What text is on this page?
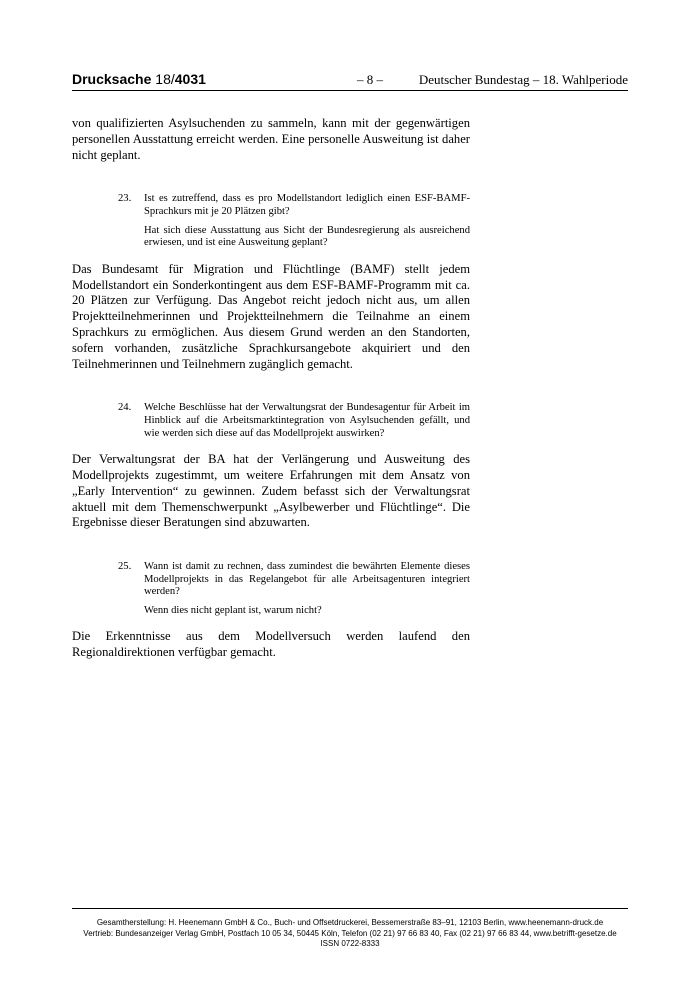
Drucksache 18/4031	– 8 –	Deutscher Bundestag – 18. Wahlperiode

von qualifizierten Asylsuchenden zu sammeln, kann mit der gegenwärtigen personellen Ausstattung erreicht werden. Eine personelle Ausweitung ist daher nicht geplant.

23. Ist es zutreffend, dass es pro Modellstandort lediglich einen ESF-BAMF-Sprachkurs mit je 20 Plätzen gibt?

Hat sich diese Ausstattung aus Sicht der Bundesregierung als ausreichend erwiesen, und ist eine Ausweitung geplant?

Das Bundesamt für Migration und Flüchtlinge (BAMF) stellt jedem Modellstandort ein Sonderkontingent aus dem ESF-BAMF-Programm mit ca. 20 Plätzen zur Verfügung. Das Angebot reicht jedoch nicht aus, um allen Projektteilnehmerinnen und Projektteilnehmern die Teilnahme an einem Sprachkurs zu ermöglichen. Aus diesem Grund werden an den Standorten, sofern vorhanden, zusätzliche Sprachkursangebote akquiriert und den Teilnehmerinnen und Teilnehmern zugänglich gemacht.

24. Welche Beschlüsse hat der Verwaltungsrat der Bundesagentur für Arbeit im Hinblick auf die Arbeitsmarktintegration von Asylsuchenden gefällt, und wie werden sich diese auf das Modellprojekt auswirken?

Der Verwaltungsrat der BA hat der Verlängerung und Ausweitung des Modellprojekts zugestimmt, um weitere Erfahrungen mit dem Ansatz von „Early Intervention“ zu gewinnen. Zudem befasst sich der Verwaltungsrat aktuell mit dem Themenschwerpunkt „Asylbewerber und Flüchtlinge“. Die Ergebnisse dieser Beratungen sind abzuwarten.

25. Wann ist damit zu rechnen, dass zumindest die bewährten Elemente dieses Modellprojekts in das Regelangebot für alle Arbeitsagenturen integriert werden?

Wenn dies nicht geplant ist, warum nicht?

Die Erkenntnisse aus dem Modellversuch werden laufend den Regionaldirektionen verfügbar gemacht.

Gesamtherstellung: H. Heenemann GmbH & Co., Buch- und Offsetdruckerei, Bessemerstraße 83–91, 12103 Berlin, www.heenemann-druck.de
Vertrieb: Bundesanzeiger Verlag GmbH, Postfach 10 05 34, 50445 Köln, Telefon (02 21) 97 66 83 40, Fax (02 21) 97 66 83 44, www.betrifft-gesetze.de
ISSN 0722-8333
